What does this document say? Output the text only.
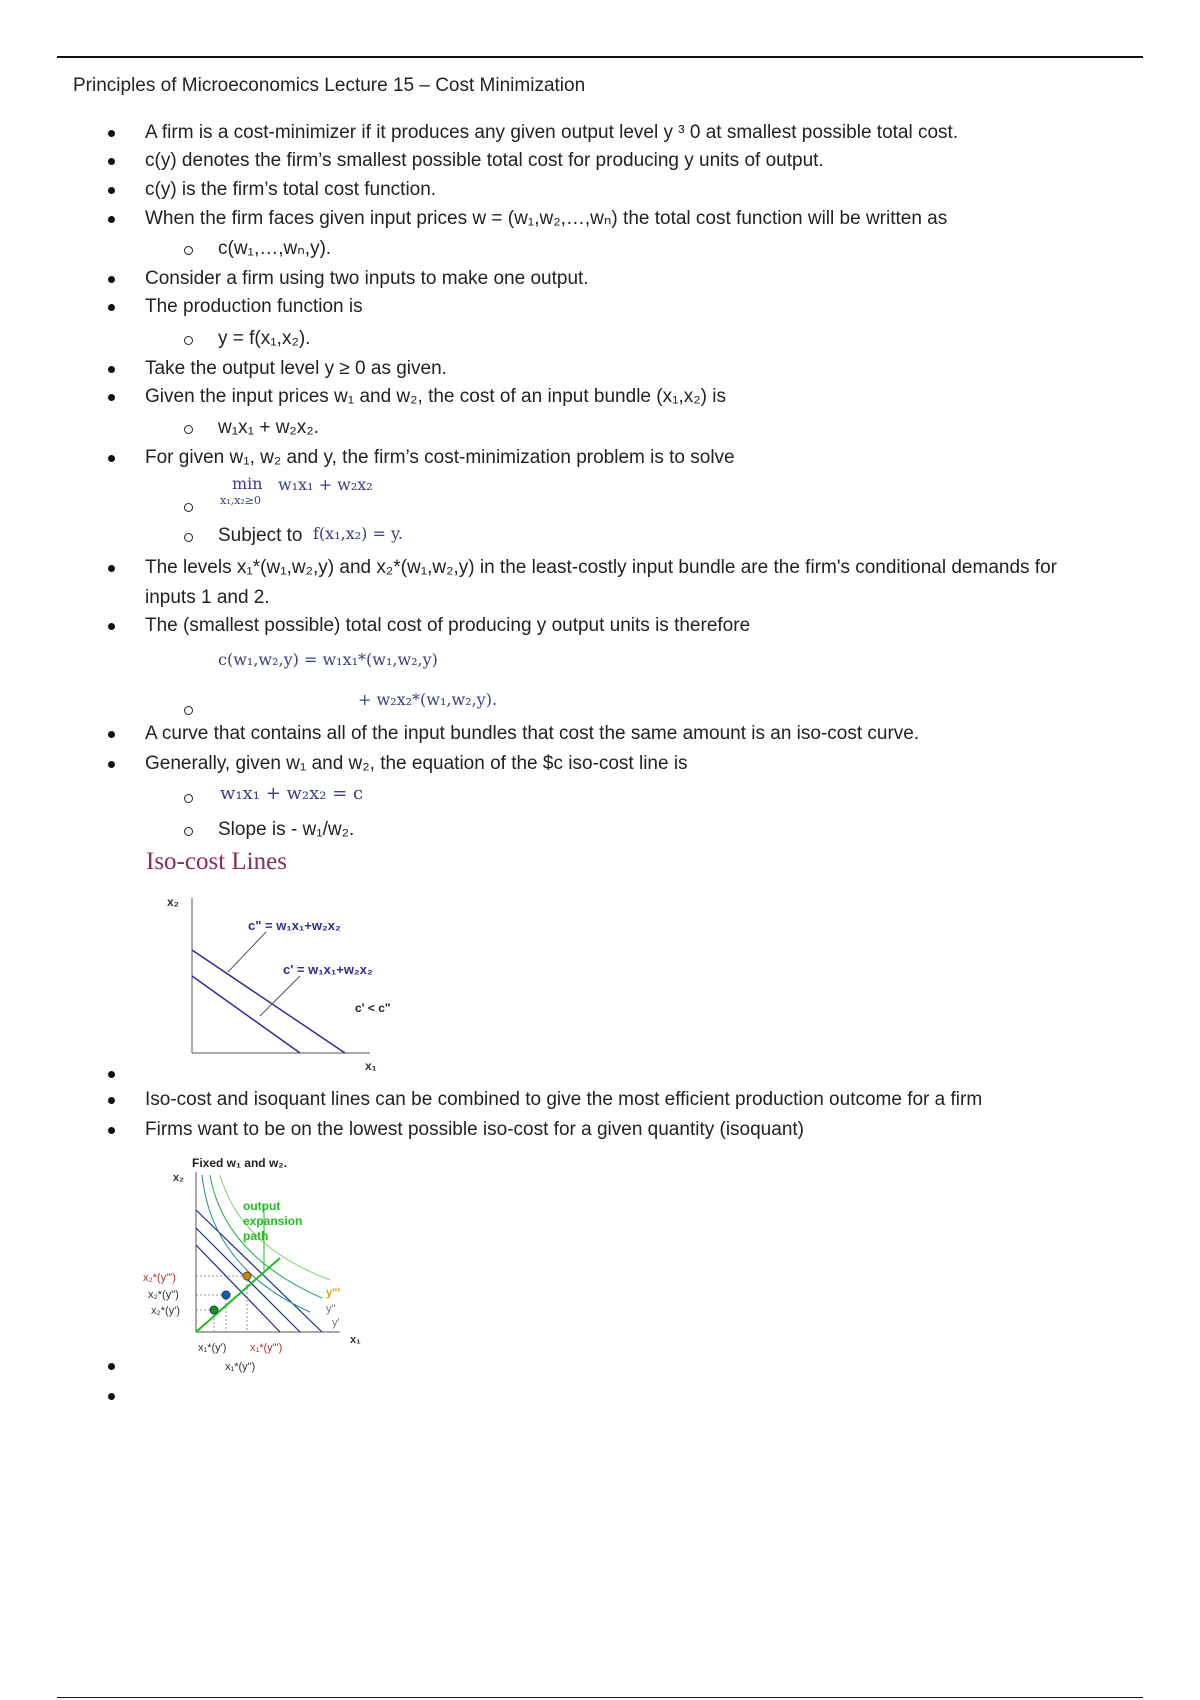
Principles of Microeconomics Lecture 15 – Cost Minimization
A firm is a cost-minimizer if it produces any given output level y ³ 0 at smallest possible total cost.
c(y) denotes the firm’s smallest possible total cost for producing y units of output.
c(y) is the firm’s total cost function.
When the firm faces given input prices w = (w₁,w₂,…,wₙ) the total cost function will be written as
c(w₁,…,wₙ,y).
Consider a firm using two inputs to make one output.
The production function is
y = f(x₁,x₂).
Take the output level y ≥ 0 as given.
Given the input prices w₁ and w₂, the cost of an input bundle (x₁,x₂) is
w₁x₁ + w₂x₂.
For given w₁, w₂ and y, the firm’s cost-minimization problem is to solve
min w₁x₁ + w₂x₂
x₁,x₂≥0
Subject to f(x₁,x₂) = y.
The levels x₁*(w₁,w₂,y) and x₂*(w₁,w₂,y) in the least-costly input bundle are the firm's conditional demands for inputs 1 and 2.
The (smallest possible) total cost of producing y output units is therefore
c(w₁,w₂,y) = w₁x₁*(w₁,w₂,y)
+ w₂x₂*(w₁,w₂,y).
A curve that contains all of the input bundles that cost the same amount is an iso-cost curve.
Generally, given w₁ and w₂, the equation of the $c iso-cost line is
w₁x₁ + w₂x₂ = c
Slope is - w₁/w₂.
Iso-cost Lines
x₂
x₁
c" = w₁x₁+w₂x₂
c' = w₁x₁+w₂x₂
c' < c"
Iso-cost and isoquant lines can be combined to give the most efficient production outcome for a firm
Firms want to be on the lowest possible iso-cost for a given quantity (isoquant)
Fixed w₁ and w₂.
x₂
x₁
output expansion path
x₂*(y"')
x₂*(y")
x₂*(y')
y"'
y"
y'
x₁*(y') x₁*(y"')
x₁*(y")
